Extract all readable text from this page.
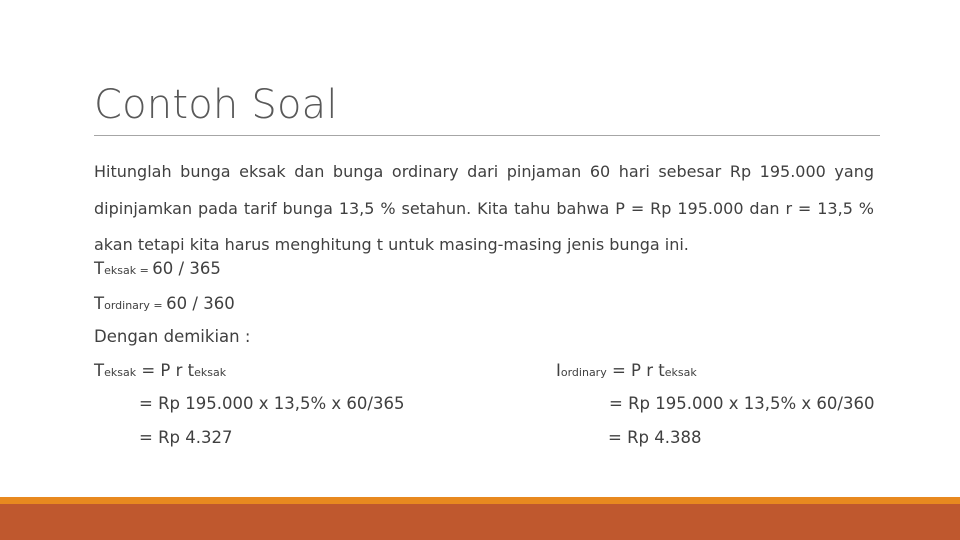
Contoh Soal
Hitunglah bunga eksak dan bunga ordinary dari pinjaman 60 hari sebesar Rp 195.000 yang dipinjamkan pada tarif bunga 13,5 % setahun. Kita tahu bahwa P = Rp 195.000 dan r = 13,5 % akan tetapi kita harus menghitung t untuk masing-masing jenis bunga ini.
Teksak = 60 / 365
Tordinary = 60 / 360
Dengan demikian :
Teksak = P r teksak	Iordinary = P r teksak
= Rp 195.000 x 13,5% x 60/365	= Rp 195.000 x 13,5% x 60/360
= Rp 4.327	= Rp 4.388
